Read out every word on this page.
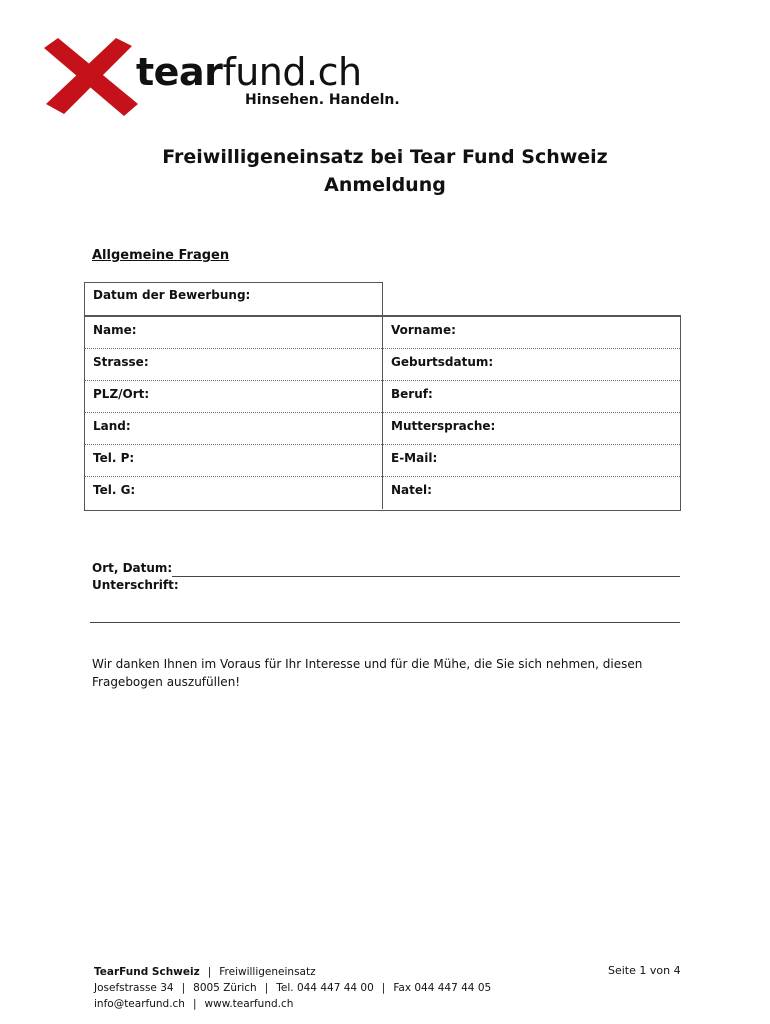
tearfund.ch
Hinsehen. Handeln.
Freiwilligeneinsatz bei Tear Fund Schweiz
Anmeldung
Allgemeine Fragen
Datum der Bewerbung:
Name:	Vorname:
Strasse:	Geburtsdatum:
PLZ/Ort:	Beruf:
Land:	Muttersprache:
Tel. P:	E-Mail:
Tel. G:	Natel:
Ort, Datum:
Unterschrift:

Wir danken Ihnen im Voraus für Ihr Interesse und für die Mühe, die Sie sich nehmen, diesen
Fragebogen auszufüllen!

TearFund Schweiz | Freiwilligeneinsatz
Josefstrasse 34 | 8005 Zürich | Tel. 044 447 44 00 | Fax 044 447 44 05
info@tearfund.ch | www.tearfund.ch
Seite 1 von 4
